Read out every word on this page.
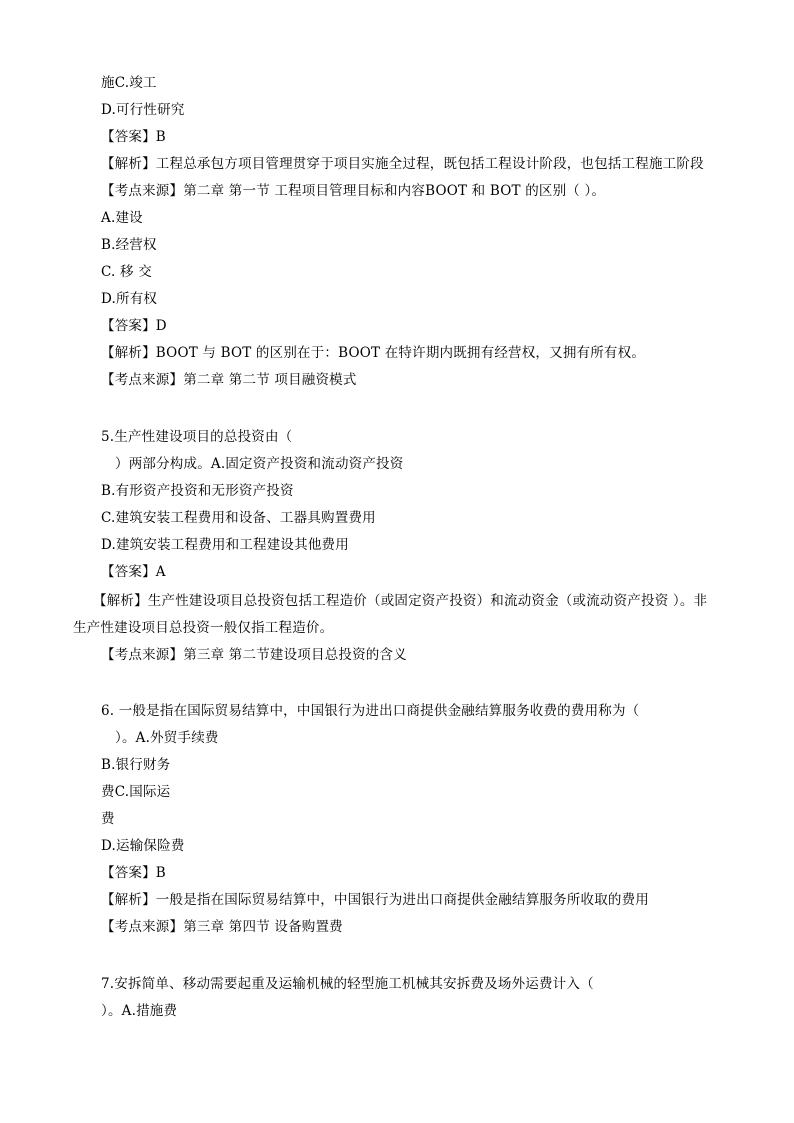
施C.竣工
D.可行性研究
【答案】B
【解析】工程总承包方项目管理贯穿于项目实施全过程，既包括工程设计阶段，也包括工程施工阶段
【考点来源】第二章 第一节 工程项目管理目标和内容BOOT 和 BOT 的区别（ ）。
A.建设
B.经营权
C. 移 交
D.所有权
【答案】D
【解析】BOOT 与 BOT 的区别在于：BOOT 在特许期内既拥有经营权，又拥有所有权。
【考点来源】第二章 第二节 项目融资模式
5.生产性建设项目的总投资由（
）两部分构成。A.固定资产投资和流动资产投资
B.有形资产投资和无形资产投资
C.建筑安装工程费用和设备、工器具购置费用
D.建筑安装工程费用和工程建设其他费用
【答案】A
【解析】生产性建设项目总投资包括工程造价（或固定资产投资）和流动资金（或流动资产投资 ）。非
生产性建设项目总投资一般仅指工程造价。
【考点来源】第三章 第二节建设项目总投资的含义
6. 一般是指在国际贸易结算中，中国银行为进出口商提供金融结算服务收费的费用称为（
）。A.外贸手续费
B.银行财务
费C.国际运
费
D.运输保险费
【答案】B
【解析】一般是指在国际贸易结算中，中国银行为进出口商提供金融结算服务所收取的费用
【考点来源】第三章 第四节 设备购置费
7.安拆简单、移动需要起重及运输机械的轻型施工机械其安拆费及场外运费计入（
）。A.措施费
